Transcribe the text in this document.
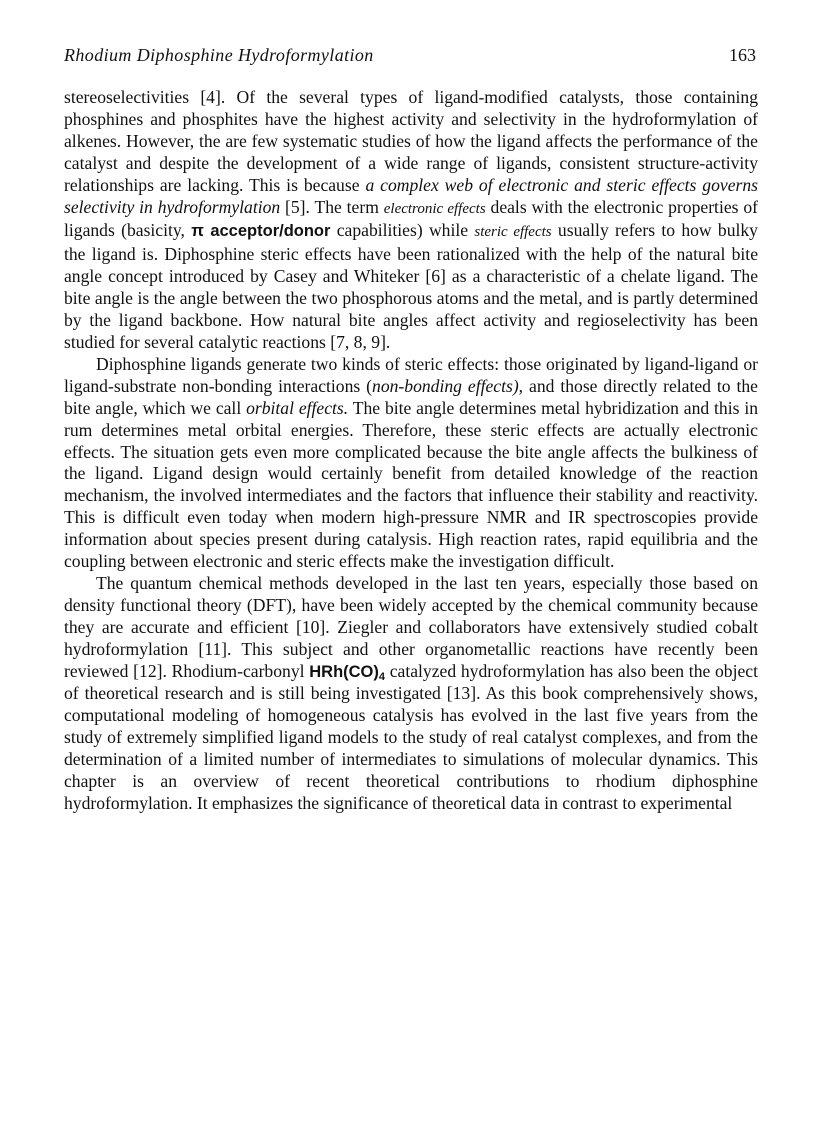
Rhodium Diphosphine Hydroformylation	163

stereoselectivities [4]. Of the several types of ligand-modified catalysts, those containing phosphines and phosphites have the highest activity and selectivity in the hydroformylation of alkenes. However, the are few systematic studies of how the ligand affects the performance of the catalyst and despite the development of a wide range of ligands, consistent structure-activity relationships are lacking. This is because a complex web of electronic and steric effects governs selectivity in hydroformylation [5]. The term electronic effects deals with the electronic properties of ligands (basicity, π acceptor/donor capabilities) while steric effects usually refers to how bulky the ligand is. Diphosphine steric effects have been rationalized with the help of the natural bite angle concept introduced by Casey and Whiteker [6] as a characteristic of a chelate ligand. The bite angle is the angle between the two phosphorous atoms and the metal, and is partly determined by the ligand backbone. How natural bite angles affect activity and regioselectivity has been studied for several catalytic reactions [7, 8, 9].

Diphosphine ligands generate two kinds of steric effects: those originated by ligand-ligand or ligand-substrate non-bonding interactions (non-bonding effects), and those directly related to the bite angle, which we call orbital effects. The bite angle determines metal hybridization and this in rum determines metal orbital energies. Therefore, these steric effects are actually electronic effects. The situation gets even more complicated because the bite angle affects the bulkiness of the ligand. Ligand design would certainly benefit from detailed knowledge of the reaction mechanism, the involved intermediates and the factors that influence their stability and reactivity. This is difficult even today when modern high-pressure NMR and IR spectroscopies provide information about species present during catalysis. High reaction rates, rapid equilibria and the coupling between electronic and steric effects make the investigation difficult.

The quantum chemical methods developed in the last ten years, especially those based on density functional theory (DFT), have been widely accepted by the chemical community because they are accurate and efficient [10]. Ziegler and collaborators have extensively studied cobalt hydroformylation [11]. This subject and other organometallic reactions have recently been reviewed [12]. Rhodium-carbonyl $HRh(CO)_4$ catalyzed hydroformylation has also been the object of theoretical research and is still being investigated [13]. As this book comprehensively shows, computational modeling of homogeneous catalysis has evolved in the last five years from the study of extremely simplified ligand models to the study of real catalyst complexes, and from the determination of a limited number of intermediates to simulations of molecular dynamics. This chapter is an overview of recent theoretical contributions to rhodium diphosphine hydroformylation. It emphasizes the significance of theoretical data in contrast to experimental
